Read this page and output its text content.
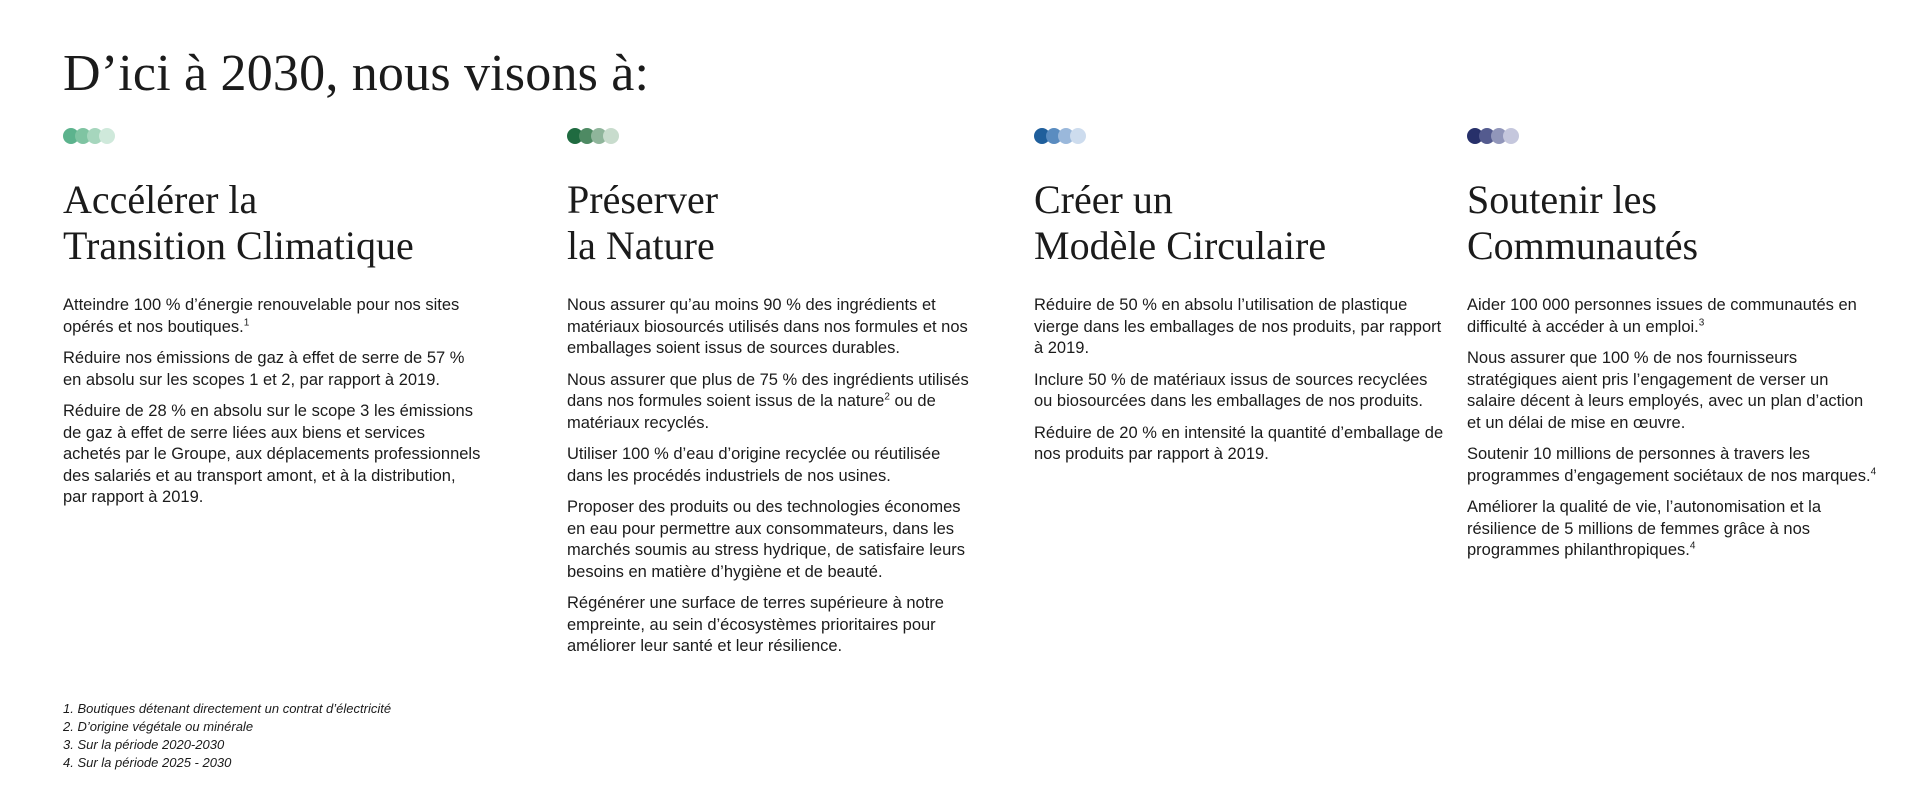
D’ici à 2030, nous visons à:
Accélérer la
Transition Climatique

Atteindre 100 % d’énergie renouvelable pour nos sites opérés et nos boutiques.$^1$

Réduire nos émissions de gaz à effet de serre de 57 % en absolu sur les scopes 1 et 2, par rapport à 2019.

Réduire de 28 % en absolu sur le scope 3 les émissions de gaz à effet de serre liées aux biens et services achetés par le Groupe, aux déplacements professionnels des salariés et au transport amont, et à la distribution, par rapport à 2019.

Préserver
la Nature

Nous assurer qu’au moins 90 % des ingrédients et matériaux biosourcés utilisés dans nos formules et nos emballages soient issus de sources durables.

Nous assurer que plus de 75 % des ingrédients utilisés dans nos formules soient issus de la nature$^2$ ou de matériaux recyclés.

Utiliser 100 % d’eau d’origine recyclée ou réutilisée dans les procédés industriels de nos usines.

Proposer des produits ou des technologies économes en eau pour permettre aux consommateurs, dans les marchés soumis au stress hydrique, de satisfaire leurs besoins en matière d’hygiène et de beauté.

Régénérer une surface de terres supérieure à notre empreinte, au sein d’écosystèmes prioritaires pour améliorer leur santé et leur résilience.

Créer un
Modèle Circulaire

Réduire de 50 % en absolu l’utilisation de plastique vierge dans les emballages de nos produits, par rapport à 2019.

Inclure 50 % de matériaux issus de sources recyclées ou biosourcées dans les emballages de nos produits.

Réduire de 20 % en intensité la quantité d’emballage de nos produits par rapport à 2019.

Soutenir les
Communautés

Aider 100 000 personnes issues de communautés en difficulté à accéder à un emploi.$^3$

Nous assurer que 100 % de nos fournisseurs stratégiques aient pris l’engagement de verser un salaire décent à leurs employés, avec un plan d’action et un délai de mise en œuvre.

Soutenir 10 millions de personnes à travers les programmes d’engagement sociétaux de nos marques.$^4$

Améliorer la qualité de vie, l’autonomisation et la résilience de 5 millions de femmes grâce à nos programmes philanthropiques.$^4$

1. Boutiques détenant directement un contrat d’électricité
2. D’origine végétale ou minérale
3. Sur la période 2020-2030
4. Sur la période 2025 - 2030
